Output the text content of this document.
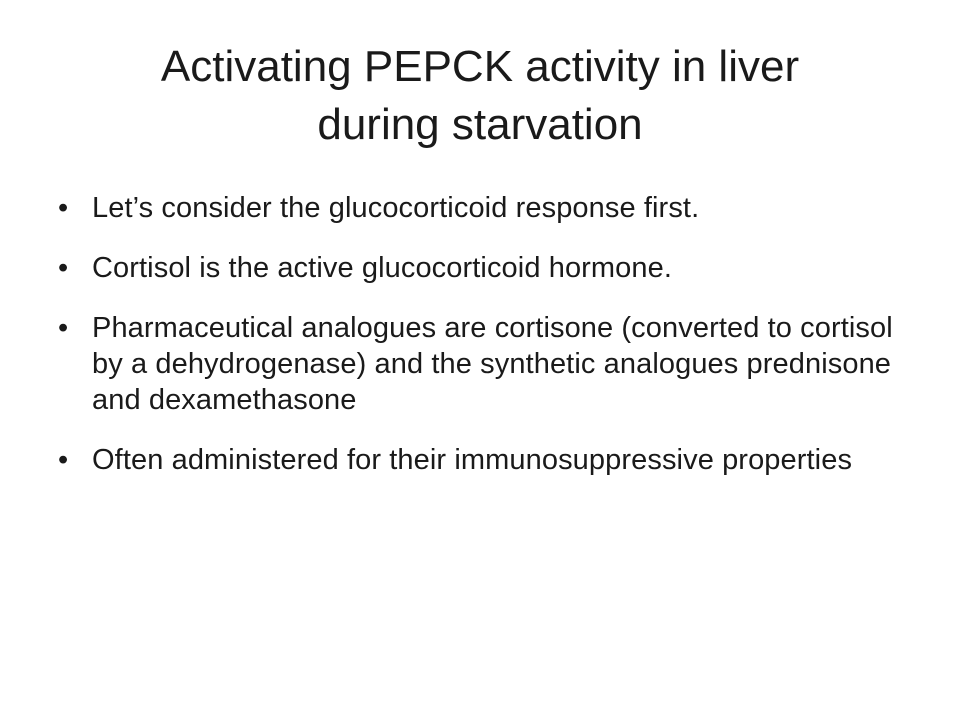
Activating PEPCK activity in liver
during starvation
• Let’s consider the glucocorticoid response first.
• Cortisol is the active glucocorticoid hormone.
• Pharmaceutical analogues are cortisone (converted to cortisol by a dehydrogenase) and the synthetic analogues prednisone and dexamethasone
• Often administered for their immunosuppressive properties
